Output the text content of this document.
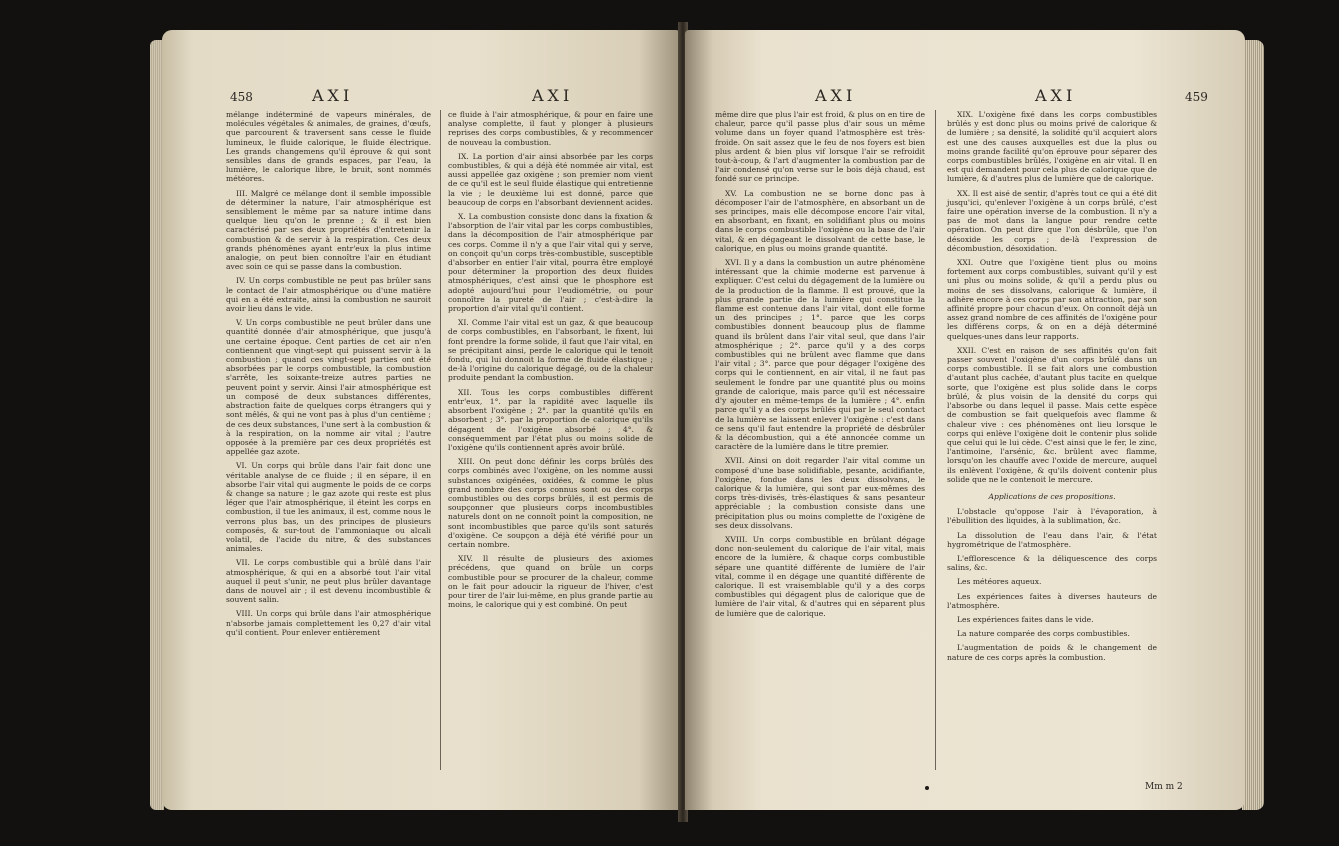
458	AXI	AXI

mélange indéterminé de vapeurs minérales, de molécules végétales & animales, de graines, d'œufs, que parcourent & traversent sans cesse le fluide lumineux, le fluide calorique, le fluide électrique. Les grands changemens qu'il éprouve & qui sont sensibles dans de grands espaces, par l'eau, la lumière, le calorique libre, le bruit, sont nommés météores.

III. Malgré ce mélange dont il semble impossible de déterminer la nature, l'air atmosphérique est sensiblement le même par sa nature intime dans quelque lieu qu'on le prenne ; & il est bien caractérisé par ses deux propriétés d'entretenir la combustion & de servir à la respiration. Ces deux grands phénomènes ayant entr'eux la plus intime analogie, on peut bien connoître l'air en étudiant avec soin ce qui se passe dans la combustion.

IV. Un corps combustible ne peut pas brûler sans le contact de l'air atmosphérique ou d'une matière qui en a été extraite, ainsi la combustion ne sauroit avoir lieu dans le vide.

V. Un corps combustible ne peut brûler dans une quantité donnée d'air atmosphérique, que jusqu'à une certaine époque. Cent parties de cet air n'en contiennent que vingt-sept qui puissent servir à la combustion ; quand ces vingt-sept parties ont été absorbées par le corps combustible, la combustion s'arrête, les soixante-treize autres parties ne peuvent point y servir. Ainsi l'air atmosphérique est un composé de deux substances différentes, abstraction faite de quelques corps étrangers qui y sont mêlés, & qui ne vont pas à plus d'un centième ; de ces deux substances, l'une sert à la combustion & à la respiration, on la nomme air vital ; l'autre opposée à la première par ces deux propriétés est appellée gaz azote.

VI. Un corps qui brûle dans l'air fait donc une véritable analyse de ce fluide ; il en sépare, il en absorbe l'air vital qui augmente le poids de ce corps & change sa nature ; le gaz azote qui reste est plus léger que l'air atmosphérique, il éteint les corps en combustion, il tue les animaux, il est, comme nous le verrons plus bas, un des principes de plusieurs composés, & sur-tout de l'ammoniaque ou alcali volatil, de l'acide du nitre, & des substances animales.

VII. Le corps combustible qui a brûlé dans l'air atmosphérique, & qui en a absorbé tout l'air vital auquel il peut s'unir, ne peut plus brûler davantage dans de nouvel air ; il est devenu incombustible & souvent salin.

VIII. Un corps qui brûle dans l'air atmosphérique n'absorbe jamais complettement les 0,27 d'air vital qu'il contient. Pour enlever entièrement

ce fluide à l'air atmosphérique, & pour en faire une analyse complette, il faut y plonger à plusieurs reprises des corps combustibles, & y recommencer de nouveau la combustion.

IX. La portion d'air ainsi absorbée par les corps combustibles, & qui a déjà été nommée air vital, est aussi appellée gaz oxigène ; son premier nom vient de ce qu'il est le seul fluide élastique qui entretienne la vie ; le deuxième lui est donné, parce que beaucoup de corps en l'absorbant deviennent acides.

X. La combustion consiste donc dans la fixation & l'absorption de l'air vital par les corps combustibles, dans la décomposition de l'air atmosphérique par ces corps. Comme il n'y a que l'air vital qui y serve, on conçoit qu'un corps très-combustible, susceptible d'absorber en entier l'air vital, pourra être employé pour déterminer la proportion des deux fluides atmosphériques, c'est ainsi que le phosphore est adopté aujourd'hui pour l'eudiométrie, ou pour connoître la pureté de l'air ; c'est-à-dire la proportion d'air vital qu'il contient.

XI. Comme l'air vital est un gaz, & que beaucoup de corps combustibles, en l'absorbant, le fixent, lui font prendre la forme solide, il faut que l'air vital, en se précipitant ainsi, perde le calorique qui le tenoit fondu, qui lui donnoit la forme de fluide élastique ; de-là l'origine du calorique dégagé, ou de la chaleur produite pendant la combustion.

XII. Tous les corps combustibles diffèrent entr'eux, 1°. par la rapidité avec laquelle ils absorbent l'oxigène ; 2°. par la quantité qu'ils en absorbent ; 3°. par la proportion de calorique qu'ils dégagent de l'oxigène absorbé ; 4°. & conséquemment par l'état plus ou moins solide de l'oxigène qu'ils contiennent après avoir brûlé.

XIII. On peut donc définir les corps brûlés des corps combinés avec l'oxigène, on les nomme aussi substances oxigénées, oxidées, & comme le plus grand nombre des corps connus sont ou des corps combustibles ou des corps brûlés, il est permis de soupçonner que plusieurs corps incombustibles naturels dont on ne connoît point la composition, ne sont incombustibles que parce qu'ils sont saturés d'oxigène. Ce soupçon a déjà été vérifié pour un certain nombre.

XIV. Il résulte de plusieurs des axiomes précédens, que quand on brûle un corps combustible pour se procurer de la chaleur, comme on le fait pour adoucir la rigueur de l'hiver, c'est pour tirer de l'air lui-même, en plus grande partie au moins, le calorique qui y est combiné. On peut

AXI	AXI	459

même dire que plus l'air est froid, & plus on en tire de chaleur, parce qu'il passe plus d'air sous un même volume dans un foyer quand l'atmosphère est très-froide. On sait assez que le feu de nos foyers est bien plus ardent & bien plus vif lorsque l'air se refroidit tout-à-coup, & l'art d'augmenter la combustion par de l'air condensé qu'on verse sur le bois déjà chaud, est fondé sur ce principe.

XV. La combustion ne se borne donc pas à décomposer l'air de l'atmosphère, en absorbant un de ses principes, mais elle décompose encore l'air vital, en absorbant, en fixant, en solidifiant plus ou moins dans le corps combustible l'oxigène ou la base de l'air vital, & en dégageant le dissolvant de cette base, le calorique, en plus ou moins grande quantité.

XVI. Il y a dans la combustion un autre phénomène intéressant que la chimie moderne est parvenue à expliquer. C'est celui du dégagement de la lumière ou de la production de la flamme. Il est prouvé, que la plus grande partie de la lumière qui constitue la flamme est contenue dans l'air vital, dont elle forme un des principes ; 1°. parce que les corps combustibles donnent beaucoup plus de flamme quand ils brûlent dans l'air vital seul, que dans l'air atmosphérique ; 2°. parce qu'il y a des corps combustibles qui ne brûlent avec flamme que dans l'air vital ; 3°. parce que pour dégager l'oxigène des corps qui le contiennent, en air vital, il ne faut pas seulement le fondre par une quantité plus ou moins grande de calorique, mais parce qu'il est nécessaire d'y ajouter en même-temps de la lumière ; 4°. enfin parce qu'il y a des corps brûlés qui par le seul contact de la lumière se laissent enlever l'oxigène : c'est dans ce sens qu'il faut entendre la propriété de désbrûler & la décombustion, qui a été annoncée comme un caractère de la lumière dans le titre premier.

XVII. Ainsi on doit regarder l'air vital comme un composé d'une base solidifiable, pesante, acidifiante, l'oxigène, fondue dans les deux dissolvans, le calorique & la lumière, qui sont par eux-mêmes des corps très-divisés, très-élastiques & sans pesanteur appréciable ; la combustion consiste dans une précipitation plus ou moins complette de l'oxigène de ses deux dissolvans.

XVIII. Un corps combustible en brûlant dégage donc non-seulement du calorique de l'air vital, mais encore de la lumière, & chaque corps combustible sépare une quantité différente de lumière de l'air vital, comme il en dégage une quantité différente de calorique. Il est vraisemblable qu'il y a des corps combustibles qui dégagent plus de calorique que de lumière de l'air vital, & d'autres qui en séparent plus de lumière que de calorique.

XIX. L'oxigène fixé dans les corps combustibles brûlés y est donc plus ou moins privé de calorique & de lumière ; sa densité, la solidité qu'il acquiert alors est une des causes auxquelles est due la plus ou moins grande facilité qu'on éprouve pour séparer des corps combustibles brûlés, l'oxigène en air vital. Il en est qui demandent pour cela plus de calorique que de lumière, & d'autres plus de lumière que de calorique.

XX. Il est aisé de sentir, d'après tout ce qui a été dit jusqu'ici, qu'enlever l'oxigène à un corps brûlé, c'est faire une opération inverse de la combustion. Il n'y a pas de mot dans la langue pour rendre cette opération. On peut dire que l'on désbrûle, que l'on désoxide les corps ; de-là l'expression de décombustion, désoxidation.

XXI. Outre que l'oxigène tient plus ou moins fortement aux corps combustibles, suivant qu'il y est uni plus ou moins solide, & qu'il a perdu plus ou moins de ses dissolvans, calorique & lumière, il adhère encore à ces corps par son attraction, par son affinité propre pour chacun d'eux. On connoît déjà un assez grand nombre de ces affinités de l'oxigène pour les différens corps, & on en a déjà déterminé quelques-unes dans leur rapports.

XXII. C'est en raison de ses affinités qu'on fait passer souvent l'oxigène d'un corps brûlé dans un corps combustible. Il se fait alors une combustion d'autant plus cachée, d'autant plus tacite en quelque sorte, que l'oxigène est plus solide dans le corps brûlé, & plus voisin de la densité du corps qui l'absorbe ou dans lequel il passe. Mais cette espèce de combustion se fait quelquefois avec flamme & chaleur vive : ces phénomènes ont lieu lorsque le corps qui enlève l'oxigène doit le contenir plus solide que celui qui le lui cède. C'est ainsi que le fer, le zinc, l'antimoine, l'arsénic, &c. brûlent avec flamme, lorsqu'on les chauffe avec l'oxide de mercure, auquel ils enlèvent l'oxigène, & qu'ils doivent contenir plus solide que ne le contenoit le mercure.

Applications de ces propositions.

L'obstacle qu'oppose l'air à l'évaporation, à l'ébullition des liquides, à la sublimation, &c.

La dissolution de l'eau dans l'air, & l'état hygrométrique de l'atmosphère.

L'efflorescence & la déliquescence des corps salins, &c.

Les météores aqueux.

Les expériences faites à diverses hauteurs de l'atmosphère.

Les expériences faites dans le vide.

La nature comparée des corps combustibles.

L'augmentation de poids & le changement de nature de ces corps après la combustion.

Mm m 2
